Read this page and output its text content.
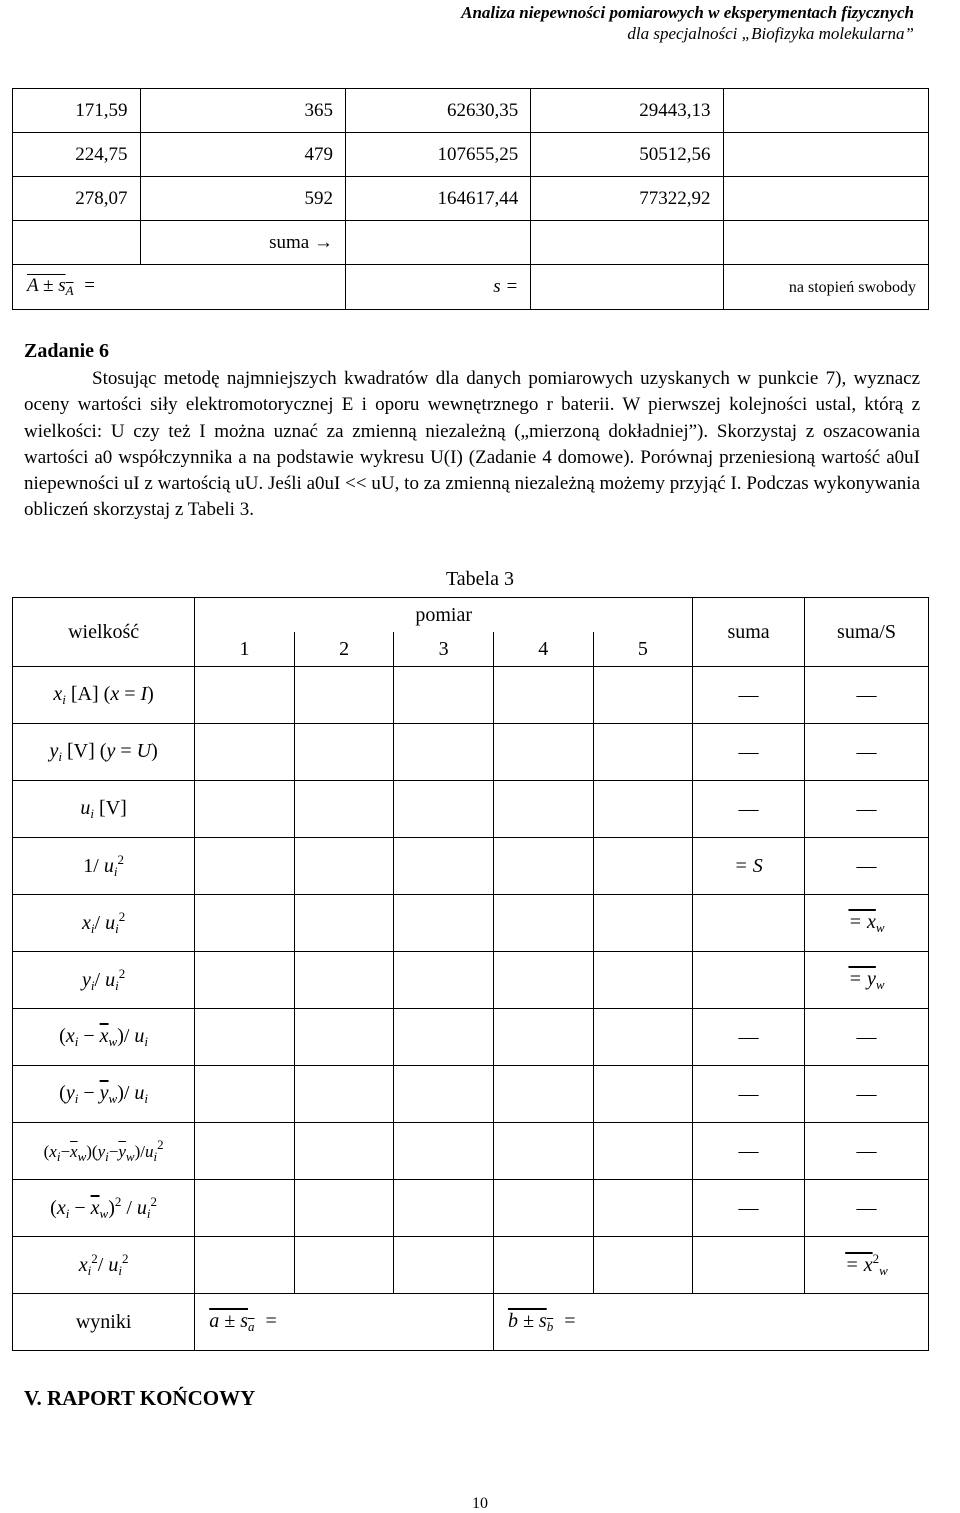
Analiza niepewności pomiarowych w eksperymentach fizycznych
dla specjalności „Biofizyka molekularna”
171,59	365	62630,35	29443,13	
224,75	479	107655,25	50512,56	
278,07	592	164617,44	77322,92	
	suma →			
$A \pm s_{\overline{A}}$ =		s =		na stopień swobody
Zadanie 6

Stosując metodę najmniejszych kwadratów dla danych pomiarowych uzyskanych w punkcie 7), wyznacz oceny wartości siły elektromotorycznej E i oporu wewnętrznego r baterii. W pierwszej kolejności ustal, którą z wielkości: U czy też I można uznać za zmienną niezależną („mierzoną dokładniej”). Skorzystaj z oszacowania wartości a0 współczynnika a na podstawie wykresu U(I) (Zadanie 4 domowe). Porównaj przeniesioną wartość a0uI niepewności uI z wartością uU. Jeśli a0uI << uU, to za zmienną niezależną możemy przyjąć I. Podczas wykonywania obliczeń skorzystaj z Tabeli 3.

Tabela 3
wielkość	pomiar					suma	suma/S
	1	2	3	4	5		
$x_i$ [A] (x = I)						—	—
$y_i$ [V] (y = U)						—	—
$u_i$ [V]						—	—
1/ $u_i^2$						= S	—
$x_i/$ $u_i^2$							= $x_w$
$y_i/$ $u_i^2$							= $y_w$
$(x_i - \overline{x}_w)/$ $u_i$						—	—
$(y_i - \overline{y}_w)/$ $u_i$						—	—
$(x_i-\overline{x}_w)(y_i-\overline{y}_w)/u_i^2$						—	—
$(x_i - \overline{x}_w)^2 / u_i^2$						—	—
$x_i^2/$ $u_i^2$							= $x^2_w$
wyniki	$a \pm s_{\overline{a}}$ =			$b \pm s_{\overline{b}}$ =			
V. RAPORT KOŃCOWY
10
